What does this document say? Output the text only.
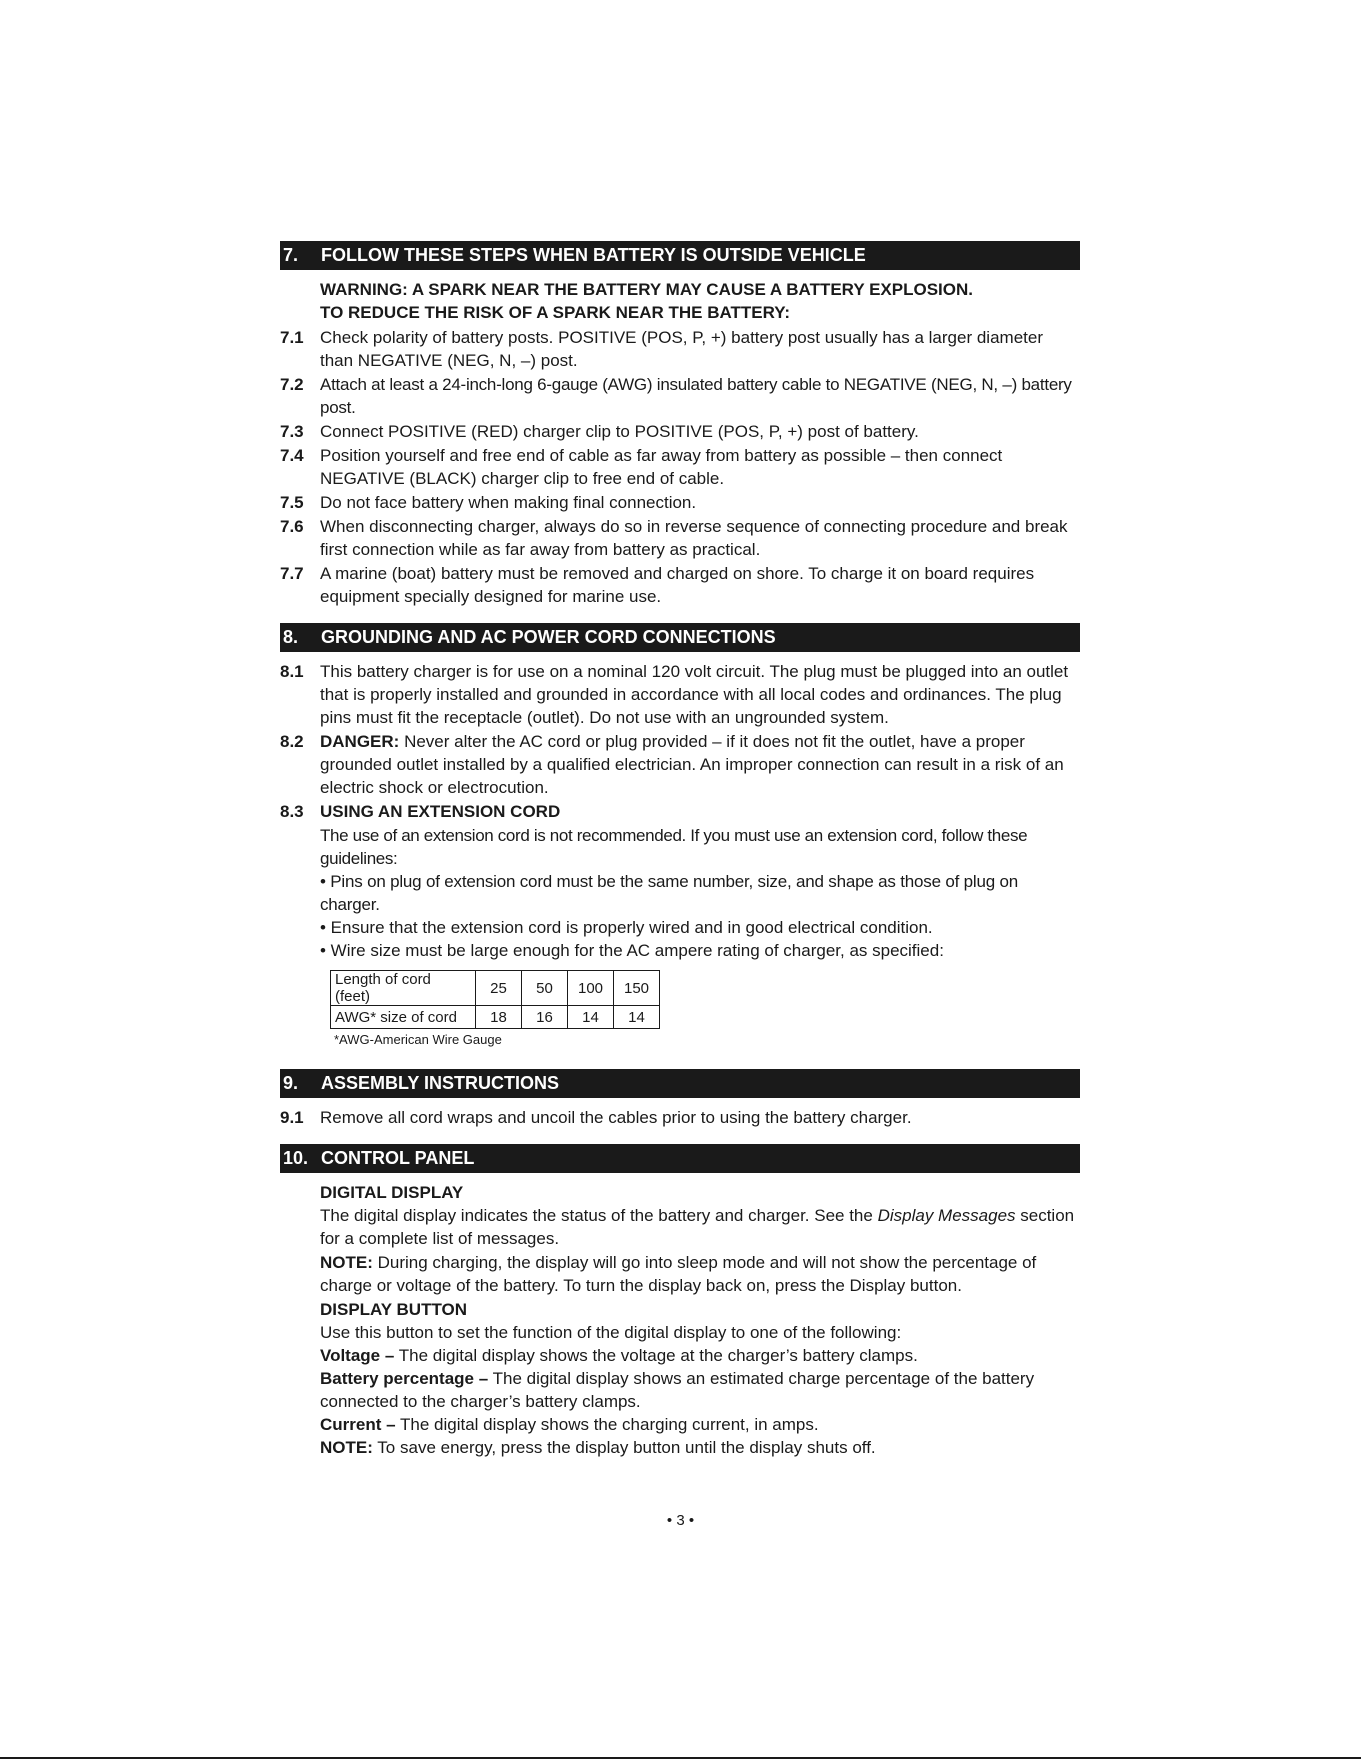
7.	FOLLOW THESE STEPS WHEN BATTERY IS OUTSIDE VEHICLE
WARNING: A SPARK NEAR THE BATTERY MAY CAUSE A BATTERY EXPLOSION.
TO REDUCE THE RISK OF A SPARK NEAR THE BATTERY:
7.1 Check polarity of battery posts. POSITIVE (POS, P, +) battery post usually has a larger diameter than NEGATIVE (NEG, N, –) post.
7.2 Attach at least a 24-inch-long 6-gauge (AWG) insulated battery cable to NEGATIVE (NEG, N, –) battery post.
7.3 Connect POSITIVE (RED) charger clip to POSITIVE (POS, P, +) post of battery.
7.4 Position yourself and free end of cable as far away from battery as possible – then connect NEGATIVE (BLACK) charger clip to free end of cable.
7.5 Do not face battery when making final connection.
7.6 When disconnecting charger, always do so in reverse sequence of connecting procedure and break first connection while as far away from battery as practical.
7.7 A marine (boat) battery must be removed and charged on shore. To charge it on board requires equipment specially designed for marine use.
8.	GROUNDING AND AC POWER CORD CONNECTIONS
8.1 This battery charger is for use on a nominal 120 volt circuit. The plug must be plugged into an outlet that is properly installed and grounded in accordance with all local codes and ordinances. The plug pins must fit the receptacle (outlet). Do not use with an ungrounded system.
8.2 DANGER: Never alter the AC cord or plug provided – if it does not fit the outlet, have a proper grounded outlet installed by a qualified electrician. An improper connection can result in a risk of an electric shock or electrocution.
8.3 USING AN EXTENSION CORD
The use of an extension cord is not recommended. If you must use an extension cord, follow these guidelines:
• Pins on plug of extension cord must be the same number, size, and shape as those of plug on charger.
• Ensure that the extension cord is properly wired and in good electrical condition.
• Wire size must be large enough for the AC ampere rating of charger, as specified:
Length of cord (feet)	25	50	100	150
AWG* size of cord	18	16	14	14
*AWG-American Wire Gauge
9.	ASSEMBLY INSTRUCTIONS
9.1 Remove all cord wraps and uncoil the cables prior to using the battery charger.
10. CONTROL PANEL
DIGITAL DISPLAY
The digital display indicates the status of the battery and charger. See the Display Messages section for a complete list of messages.
NOTE: During charging, the display will go into sleep mode and will not show the percentage of charge or voltage of the battery. To turn the display back on, press the Display button.
DISPLAY BUTTON
Use this button to set the function of the digital display to one of the following:
Voltage – The digital display shows the voltage at the charger’s battery clamps.
Battery percentage – The digital display shows an estimated charge percentage of the battery connected to the charger’s battery clamps.
Current – The digital display shows the charging current, in amps.
NOTE: To save energy, press the display button until the display shuts off.
• 3 •
